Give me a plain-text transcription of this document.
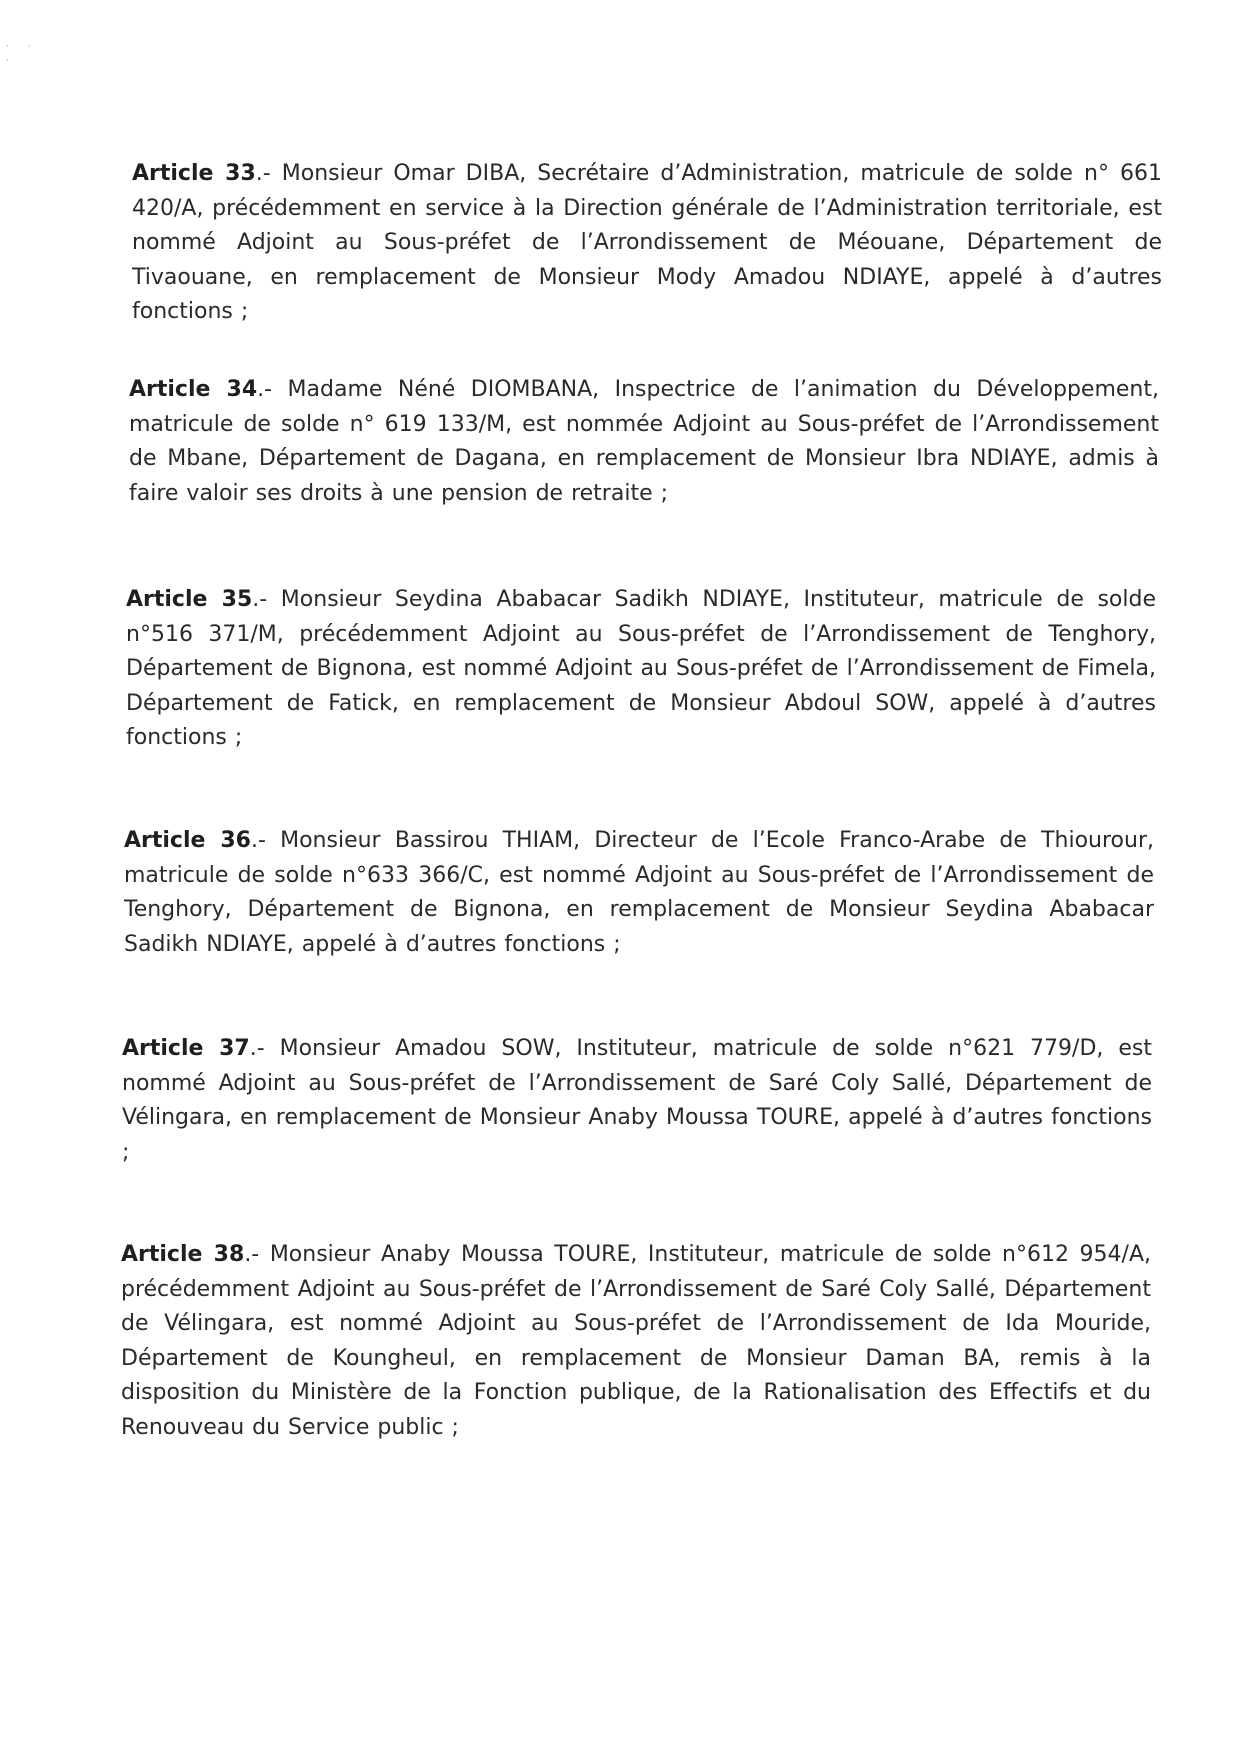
· ·
·

Article 33.- Monsieur Omar DIBA, Secrétaire d’Administration, matricule de solde n° 661 420/A, précédemment en service à la Direction générale de l’Administration territoriale, est nommé Adjoint au Sous-préfet de l’Arrondissement de Méouane, Département de Tivaouane, en remplacement de Monsieur Mody Amadou NDIAYE, appelé à d’autres fonctions ;

Article 34.- Madame Néné DIOMBANA, Inspectrice de l’animation du Développement, matricule de solde n° 619 133/M, est nommée Adjoint au Sous-préfet de l’Arrondissement de Mbane, Département de Dagana, en remplacement de Monsieur Ibra NDIAYE, admis à faire valoir ses droits à une pension de retraite ;

Article 35.- Monsieur Seydina Ababacar Sadikh NDIAYE, Instituteur, matricule de solde n°516 371/M, précédemment Adjoint au Sous-préfet de l’Arrondissement de Tenghory, Département de Bignona, est nommé Adjoint au Sous-préfet de l’Arrondissement de Fimela, Département de Fatick, en remplacement de Monsieur Abdoul SOW, appelé à d’autres fonctions ;

Article 36.- Monsieur Bassirou THIAM, Directeur de l’Ecole Franco-Arabe de Thiourour, matricule de solde n°633 366/C, est nommé Adjoint au Sous-préfet de l’Arrondissement de Tenghory, Département de Bignona, en remplacement de Monsieur Seydina Ababacar Sadikh NDIAYE, appelé à d’autres fonctions ;

Article 37.- Monsieur Amadou SOW, Instituteur, matricule de solde n°621 779/D, est nommé Adjoint au Sous-préfet de l’Arrondissement de Saré Coly Sallé, Département de Vélingara, en remplacement de Monsieur Anaby Moussa TOURE, appelé à d’autres fonctions ;

Article 38.- Monsieur Anaby Moussa TOURE, Instituteur, matricule de solde n°612 954/A, précédemment Adjoint au Sous-préfet de l’Arrondissement de Saré Coly Sallé, Département de Vélingara, est nommé Adjoint au Sous-préfet de l’Arrondissement de Ida Mouride, Département de Koungheul, en remplacement de Monsieur Daman BA, remis à la disposition du Ministère de la Fonction publique, de la Rationalisation des Effectifs et du Renouveau du Service public ;
